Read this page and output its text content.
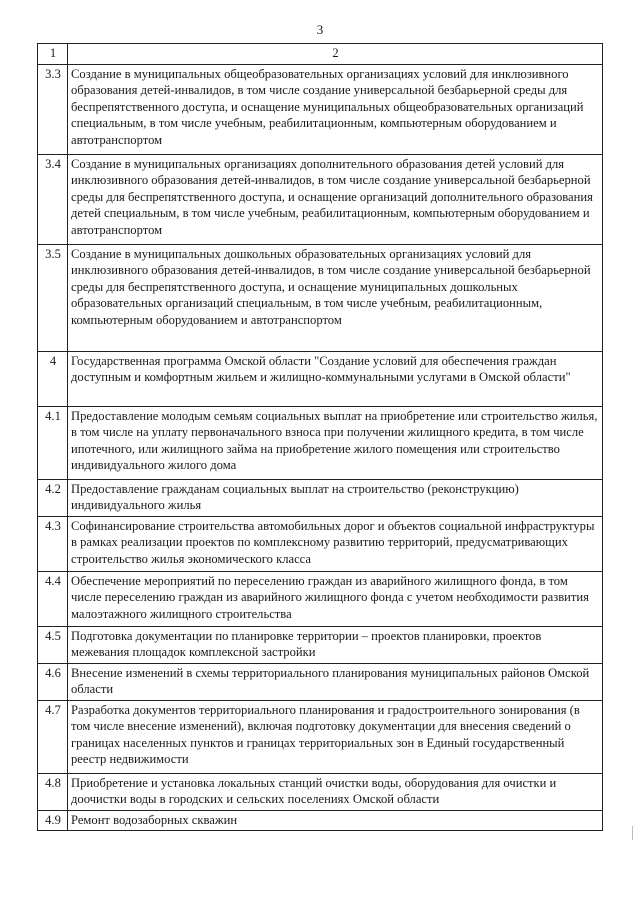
3
1	2
3.3	Создание в муниципальных общеобразовательных организациях условий для инклюзивного образования детей-инвалидов, в том числе создание универсальной безбарьерной среды для беспрепятственного доступа, и оснащение муниципальных общеобразовательных организаций специальным, в том числе учебным, реабилитационным, компьютерным оборудованием и автотранспортом
3.4	Создание в муниципальных организациях дополнительного образования детей условий для инклюзивного образования детей-инвалидов, в том числе создание универсальной безбарьерной среды для беспрепятственного доступа, и оснащение организаций дополнительного образования детей специальным, в том числе учебным, реабилитационным, компьютерным оборудованием и автотранспортом
3.5	Создание в муниципальных дошкольных образовательных организациях условий для инклюзивного образования детей-инвалидов, в том числе создание универсальной безбарьерной среды для беспрепятственного доступа, и оснащение муниципальных дошкольных образовательных организаций специальным, в том числе учебным, реабилитационным, компьютерным оборудованием и автотранспортом
4	Государственная программа Омской области "Создание условий для обеспечения граждан доступным и комфортным жильем и жилищно-коммунальными услугами в Омской области"
4.1	Предоставление молодым семьям социальных выплат на приобретение или строительство жилья, в том числе на уплату первоначального взноса при получении жилищного кредита, в том числе ипотечного, или жилищного займа на приобретение жилого помещения или строительство индивидуального жилого дома
4.2	Предоставление гражданам социальных выплат на строительство (реконструкцию) индивидуального жилья
4.3	Софинансирование строительства автомобильных дорог и объектов социальной инфраструктуры в рамках реализации проектов по комплексному развитию территорий, предусматривающих строительство жилья экономического класса
4.4	Обеспечение мероприятий по переселению граждан из аварийного жилищного фонда, в том числе переселению граждан из аварийного жилищного фонда с учетом необходимости развития малоэтажного жилищного строительства
4.5	Подготовка документации по планировке территории – проектов планировки, проектов межевания площадок комплексной застройки
4.6	Внесение изменений в схемы территориального планирования муниципальных районов Омской области
4.7	Разработка документов территориального планирования и градостроительного зонирования (в том числе внесение изменений), включая подготовку документации для внесения сведений о границах населенных пунктов и границах территориальных зон в Единый государственный реестр недвижимости
4.8	Приобретение и установка локальных станций очистки воды, оборудования для очистки и доочистки воды в городских и сельских поселениях Омской области
4.9	Ремонт водозаборных скважин
